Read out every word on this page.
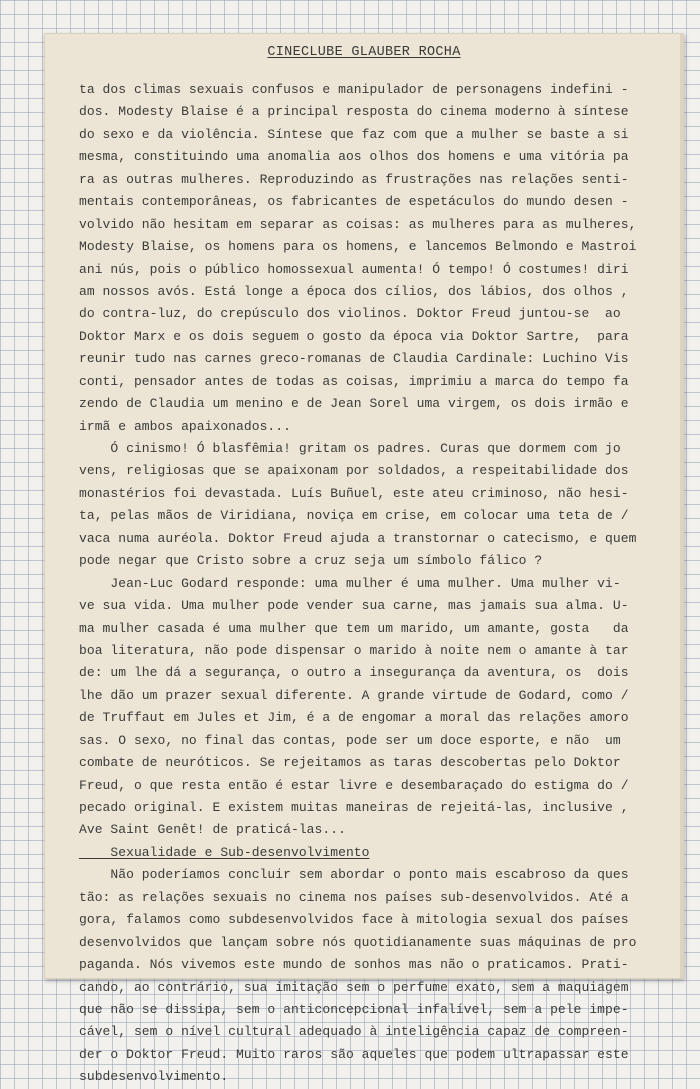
CINECLUBE GLAUBER ROCHA
ta dos climas sexuais confusos e manipulador de personagens indefini -
dos. Modesty Blaise é a principal resposta do cinema moderno à síntese
do sexo e da violência. Síntese que faz com que a mulher se baste a si
mesma, constituindo uma anomalia aos olhos dos homens e uma vitória pa
ra as outras mulheres. Reproduzindo as frustrações nas relações senti-
mentais contemporâneas, os fabricantes de espetáculos do mundo desen -
volvido não hesitam em separar as coisas: as mulheres para as mulheres,
Modesty Blaise, os homens para os homens, e lancemos Belmondo e Mastroi
ani nús, pois o público homossexual aumenta! Ó tempo! Ó costumes! diri
am nossos avós. Está longe a época dos cílios, dos lábios, dos olhos ,
do contra-luz, do crepúsculo dos violinos. Doktor Freud juntou-se  ao
Doktor Marx e os dois seguem o gosto da época via Doktor Sartre,  para
reunir tudo nas carnes greco-romanas de Claudia Cardinale: Luchino Vis
conti, pensador antes de todas as coisas, imprimiu a marca do tempo fa
zendo de Claudia um menino e de Jean Sorel uma virgem, os dois irmão e
irmã e ambos apaixonados...
Ó cinismo! Ó blasfêmia! gritam os padres. Curas que dormem com jo
vens, religiosas que se apaixonam por soldados, a respeitabilidade dos
monastérios foi devastada. Luís Buñuel, este ateu criminoso, não hesi-
ta, pelas mãos de Viridiana, noviça em crise, em colocar uma teta de /
vaca numa auréola. Doktor Freud ajuda a transtornar o catecismo, e quem
pode negar que Cristo sobre a cruz seja um símbolo fálico ?
Jean-Luc Godard responde: uma mulher é uma mulher. Uma mulher vi-
ve sua vida. Uma mulher pode vender sua carne, mas jamais sua alma. U-
ma mulher casada é uma mulher que tem um marido, um amante, gosta   da
boa literatura, não pode dispensar o marido à noite nem o amante à tar
de: um lhe dá a segurança, o outro a insegurança da aventura, os  dois
lhe dão um prazer sexual diferente. A grande virtude de Godard, como /
de Truffaut em Jules et Jim, é a de engomar a moral das relações amoro
sas. O sexo, no final das contas, pode ser um doce esporte, e não  um
combate de neuróticos. Se rejeitamos as taras descobertas pelo Doktor
Freud, o que resta então é estar livre e desembaraçado do estigma do /
pecado original. E existem muitas maneiras de rejeitá-las, inclusive ,
Ave Saint Genêt! de praticá-las...
Sexualidade e Sub-desenvolvimento
Não poderíamos concluir sem abordar o ponto mais escabroso da ques
tão: as relações sexuais no cinema nos países sub-desenvolvidos. Até a
gora, falamos como subdesenvolvidos face à mitologia sexual dos países
desenvolvidos que lançam sobre nós quotidianamente suas máquinas de pro
paganda. Nós vivemos este mundo de sonhos mas não o praticamos. Prati-
cando, ao contrário, sua imitação sem o perfume exato, sem a maquiagem
que não se dissipa, sem o anticoncepcional infalível, sem a pele impe-
cável, sem o nível cultural adequado à inteligência capaz de compreen-
der o Doktor Freud. Muito raros são aqueles que podem ultrapassar este
subdesenvolvimento.
